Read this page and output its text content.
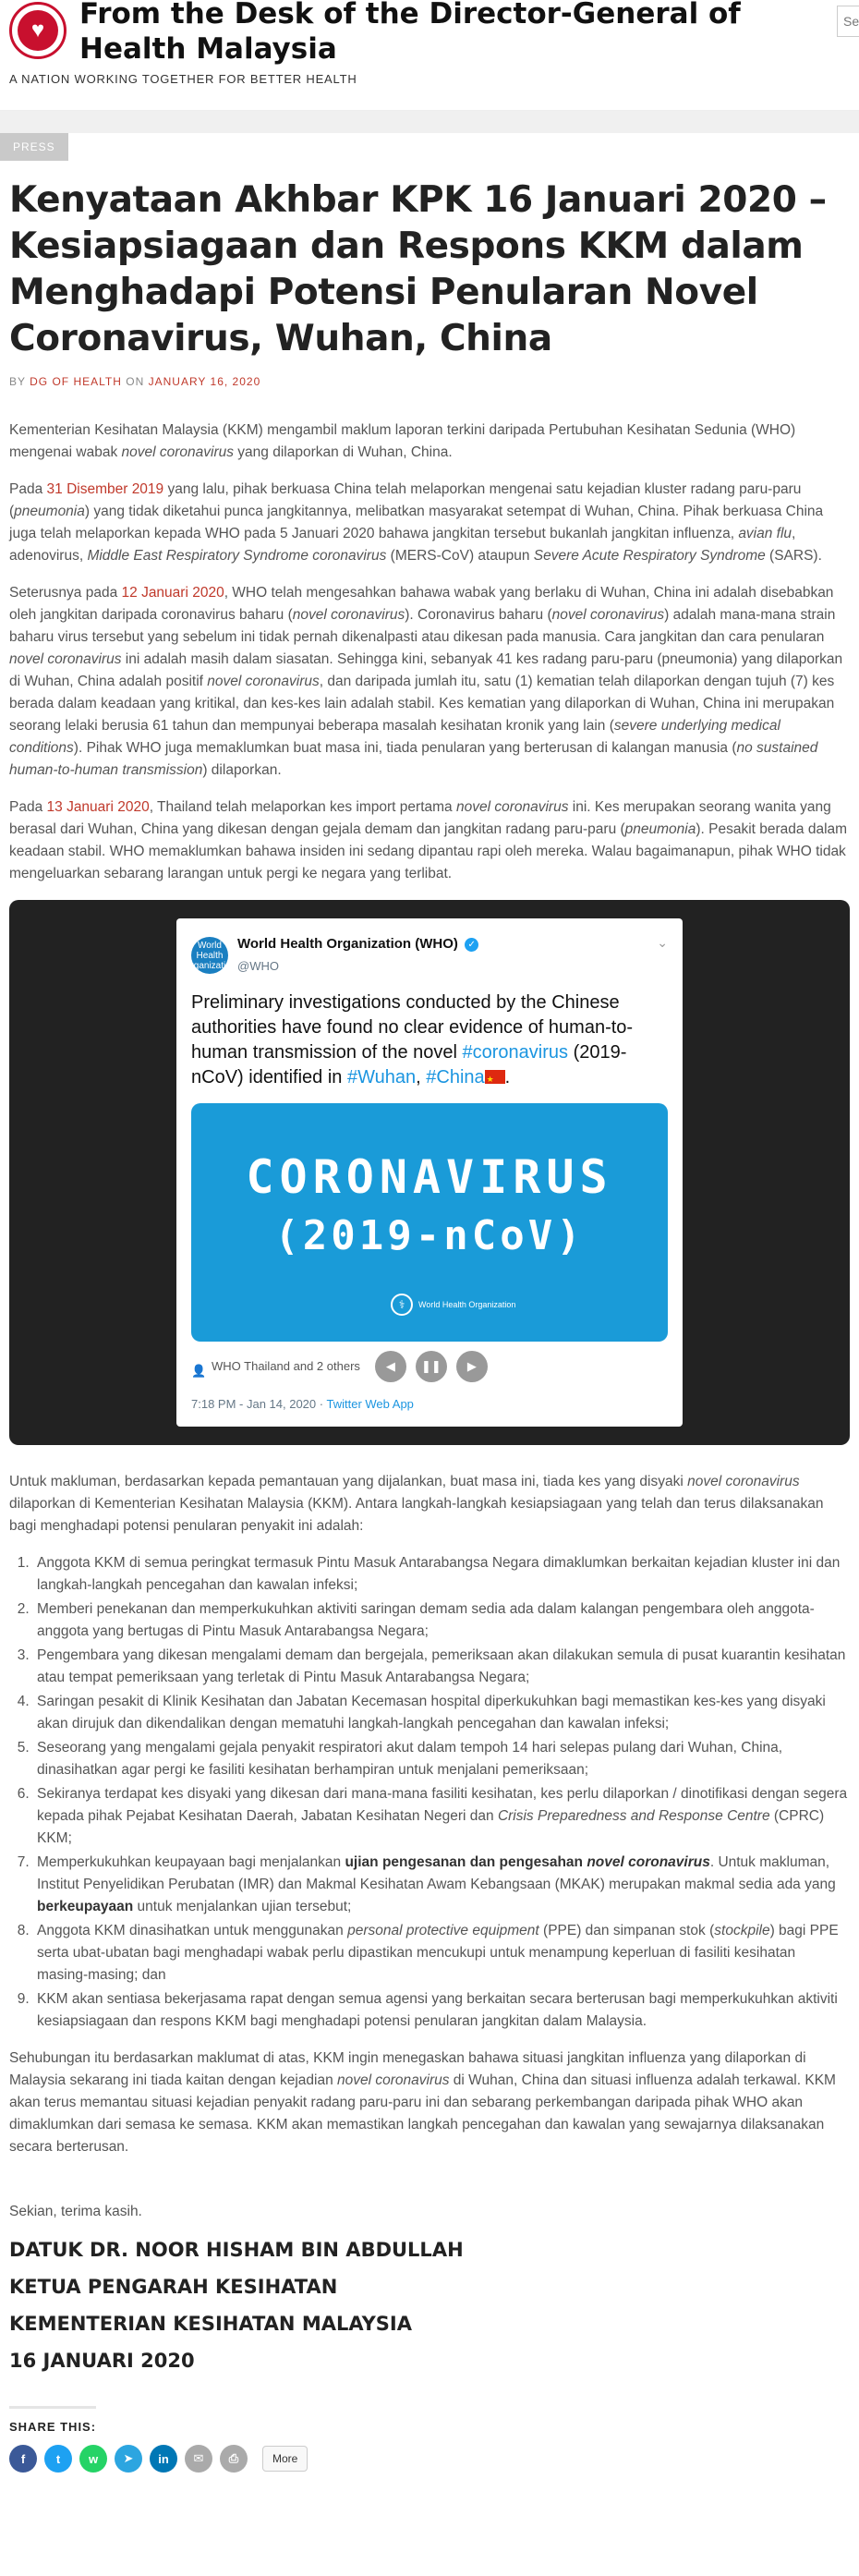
♥	From the Desk of the Director-General of Health Malaysia
A NATION WORKING TOGETHER FOR BETTER HEALTH
Se
PRESS
Kenyataan Akhbar KPK 16 Januari 2020 – Kesiapsiagaan dan Respons KKM dalam Menghadapi Potensi Penularan Novel Coronavirus, Wuhan, China
BY DG OF HEALTH ON JANUARY 16, 2020

Kementerian Kesihatan Malaysia (KKM) mengambil maklum laporan terkini daripada Pertubuhan Kesihatan Sedunia (WHO) mengenai wabak novel coronavirus yang dilaporkan di Wuhan, China.

Pada 31 Disember 2019 yang lalu, pihak berkuasa China telah melaporkan mengenai satu kejadian kluster radang paru-paru (pneumonia) yang tidak diketahui punca jangkitannya, melibatkan masyarakat setempat di Wuhan, China. Pihak berkuasa China juga telah melaporkan kepada WHO pada 5 Januari 2020 bahawa jangkitan tersebut bukanlah jangkitan influenza, avian flu, adenovirus, Middle East Respiratory Syndrome coronavirus (MERS-CoV) ataupun Severe Acute Respiratory Syndrome (SARS).

Seterusnya pada 12 Januari 2020, WHO telah mengesahkan bahawa wabak yang berlaku di Wuhan, China ini adalah disebabkan oleh jangkitan daripada coronavirus baharu (novel coronavirus). Coronavirus baharu (novel coronavirus) adalah mana-mana strain baharu virus tersebut yang sebelum ini tidak pernah dikenalpasti atau dikesan pada manusia. Cara jangkitan dan cara penularan novel coronavirus ini adalah masih dalam siasatan. Sehingga kini, sebanyak 41 kes radang paru-paru (pneumonia) yang dilaporkan di Wuhan, China adalah positif novel coronavirus, dan daripada jumlah itu, satu (1) kematian telah dilaporkan dengan tujuh (7) kes berada dalam keadaan yang kritikal, dan kes-kes lain adalah stabil. Kes kematian yang dilaporkan di Wuhan, China ini merupakan seorang lelaki berusia 61 tahun dan mempunyai beberapa masalah kesihatan kronik yang lain (severe underlying medical conditions). Pihak WHO juga memaklumkan buat masa ini, tiada penularan yang berterusan di kalangan manusia (no sustained human-to-human transmission) dilaporkan.

Pada 13 Januari 2020, Thailand telah melaporkan kes import pertama novel coronavirus ini. Kes merupakan seorang wanita yang berasal dari Wuhan, China yang dikesan dengan gejala demam dan jangkitan radang paru-paru (pneumonia). Pesakit berada dalam keadaan stabil. WHO memaklumkan bahawa insiden ini sedang dipantau rapi oleh mereka. Walau bagaimanapun, pihak WHO tidak mengeluarkan sebarang larangan untuk pergi ke negara yang terlibat.

World Health Organization
World Health Organization (WHO) ✓
@WHO
⌄
Preliminary investigations conducted by the Chinese authorities have found no clear evidence of human-to-human transmission of the novel #coronavirus (2019-nCoV) identified in #Wuhan, #China★ .
CORONAVIRUS
(2019-nCoV)
⚕	World Health Organization
👤 WHO Thailand and 2 others	◀	❚❚	▶
7:18 PM - Jan 14, 2020 · Twitter Web App

Untuk makluman, berdasarkan kepada pemantauan yang dijalankan, buat masa ini, tiada kes yang disyaki novel coronavirus dilaporkan di Kementerian Kesihatan Malaysia (KKM). Antara langkah-langkah kesiapsiagaan yang telah dan terus dilaksanakan bagi menghadapi potensi penularan penyakit ini adalah:

1. Anggota KKM di semua peringkat termasuk Pintu Masuk Antarabangsa Negara dimaklumkan berkaitan kejadian kluster ini dan langkah-langkah pencegahan dan kawalan infeksi;
2. Memberi penekanan dan memperkukuhkan aktiviti saringan demam sedia ada dalam kalangan pengembara oleh anggota-anggota yang bertugas di Pintu Masuk Antarabangsa Negara;
3. Pengembara yang dikesan mengalami demam dan bergejala, pemeriksaan akan dilakukan semula di pusat kuarantin kesihatan atau tempat pemeriksaan yang terletak di Pintu Masuk Antarabangsa Negara;
4. Saringan pesakit di Klinik Kesihatan dan Jabatan Kecemasan hospital diperkukuhkan bagi memastikan kes-kes yang disyaki akan dirujuk dan dikendalikan dengan mematuhi langkah-langkah pencegahan dan kawalan infeksi;
5. Seseorang yang mengalami gejala penyakit respiratori akut dalam tempoh 14 hari selepas pulang dari Wuhan, China, dinasihatkan agar pergi ke fasiliti kesihatan berhampiran untuk menjalani pemeriksaan;
6. Sekiranya terdapat kes disyaki yang dikesan dari mana-mana fasiliti kesihatan, kes perlu dilaporkan / dinotifikasi dengan segera kepada pihak Pejabat Kesihatan Daerah, Jabatan Kesihatan Negeri dan Crisis Preparedness and Response Centre (CPRC) KKM;
7. Memperkukuhkan keupayaan bagi menjalankan ujian pengesanan dan pengesahan novel coronavirus. Untuk makluman, Institut Penyelidikan Perubatan (IMR) dan Makmal Kesihatan Awam Kebangsaan (MKAK) merupakan makmal sedia ada yang berkeupayaan untuk menjalankan ujian tersebut;
8. Anggota KKM dinasihatkan untuk menggunakan personal protective equipment (PPE) dan simpanan stok (stockpile) bagi PPE serta ubat-ubatan bagi menghadapi wabak perlu dipastikan mencukupi untuk menampung keperluan di fasiliti kesihatan masing-masing; dan
9. KKM akan sentiasa bekerjasama rapat dengan semua agensi yang berkaitan secara berterusan bagi memperkukuhkan aktiviti kesiapsiagaan dan respons KKM bagi menghadapi potensi penularan jangkitan dalam Malaysia.

Sehubungan itu berdasarkan maklumat di atas, KKM ingin menegaskan bahawa situasi jangkitan influenza yang dilaporkan di Malaysia sekarang ini tiada kaitan dengan kejadian novel coronavirus di Wuhan, China dan situasi influenza adalah terkawal. KKM akan terus memantau situasi kejadian penyakit radang paru-paru ini dan sebarang perkembangan daripada pihak WHO akan dimaklumkan dari semasa ke semasa. KKM akan memastikan langkah pencegahan dan kawalan yang sewajarnya dilaksanakan secara berterusan.

Sekian, terima kasih.

DATUK DR. NOOR HISHAM BIN ABDULLAH
KETUA PENGARAH KESIHATAN
KEMENTERIAN KESIHATAN MALAYSIA
16 JANUARI 2020
SHARE THIS:
f	t	w	➤	in	✉	⎙	More
